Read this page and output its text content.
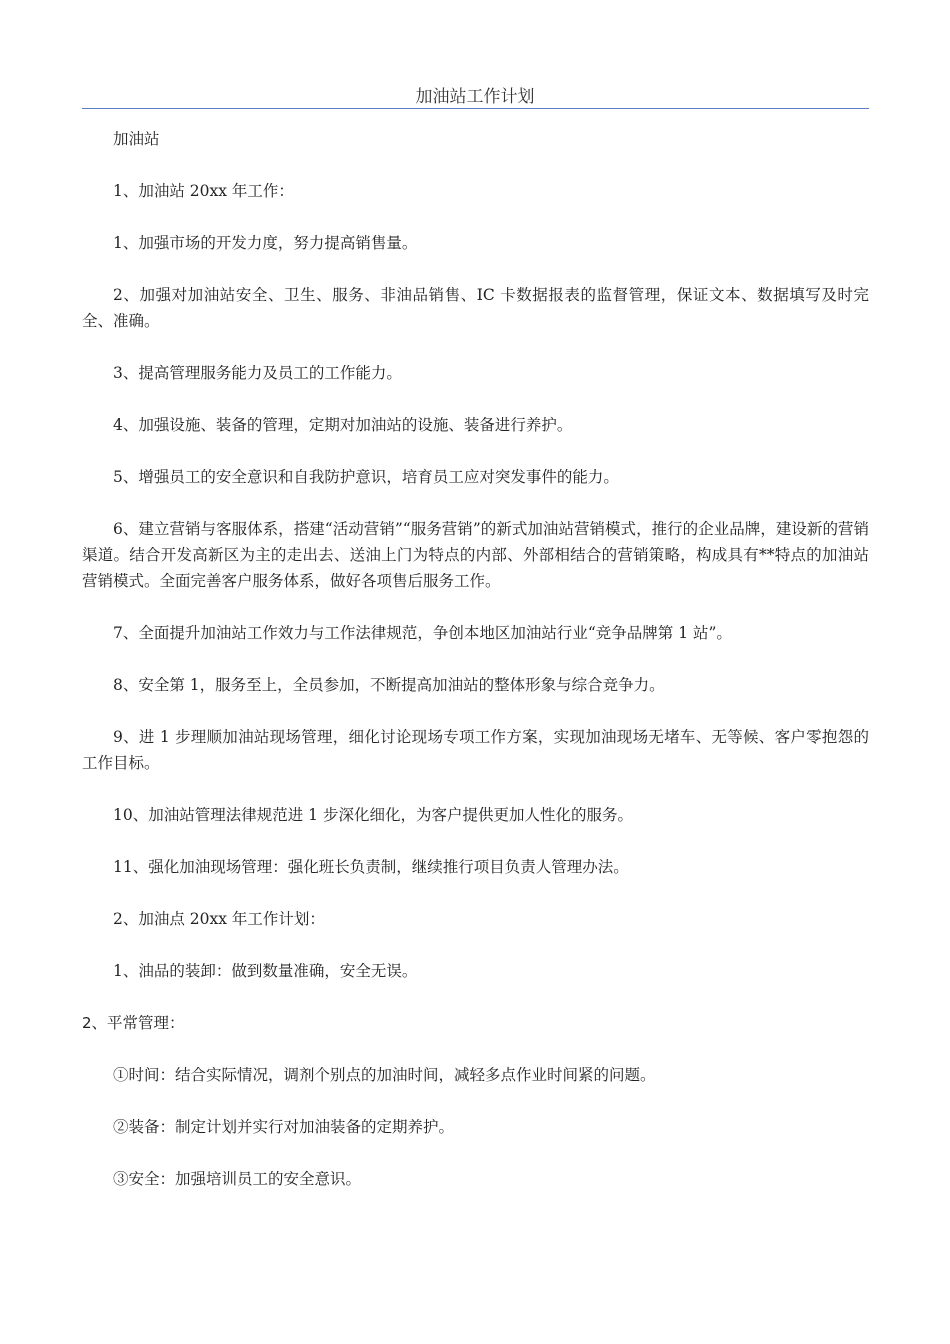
加油站工作计划

加油站

1、加油站 20xx 年工作：

1、加强市场的开发力度，努力提高销售量。

2、加强对加油站安全、卫生、服务、非油品销售、IC 卡数据报表的监督管理，保证文本、数据填写及时完全、准确。

3、提高管理服务能力及员工的工作能力。

4、加强设施、装备的管理，定期对加油站的设施、装备进行养护。

5、增强员工的安全意识和自我防护意识，培育员工应对突发事件的能力。

6、建立营销与客服体系，搭建“活动营销”“服务营销”的新式加油站营销模式，推行的企业品牌，建设新的营销渠道。结合开发高新区为主的走出去、送油上门为特点的内部、外部相结合的营销策略，构成具有**特点的加油站营销模式。全面完善客户服务体系，做好各项售后服务工作。

7、全面提升加油站工作效力与工作法律规范，争创本地区加油站行业“竞争品牌第 1 站”。

8、安全第 1，服务至上，全员参加，不断提高加油站的整体形象与综合竞争力。

9、进 1 步理顺加油站现场管理，细化讨论现场专项工作方案，实现加油现场无堵车、无等候、客户零抱怨的工作目标。

10、加油站管理法律规范进 1 步深化细化，为客户提供更加人性化的服务。

11、强化加油现场管理：强化班长负责制，继续推行项目负责人管理办法。

2、加油点 20xx 年工作计划：

1、油品的装卸：做到数量准确，安全无误。

2、平常管理：

①时间：结合实际情况，调剂个别点的加油时间，减轻多点作业时间紧的问题。

②装备：制定计划并实行对加油装备的定期养护。

③安全：加强培训员工的安全意识。
